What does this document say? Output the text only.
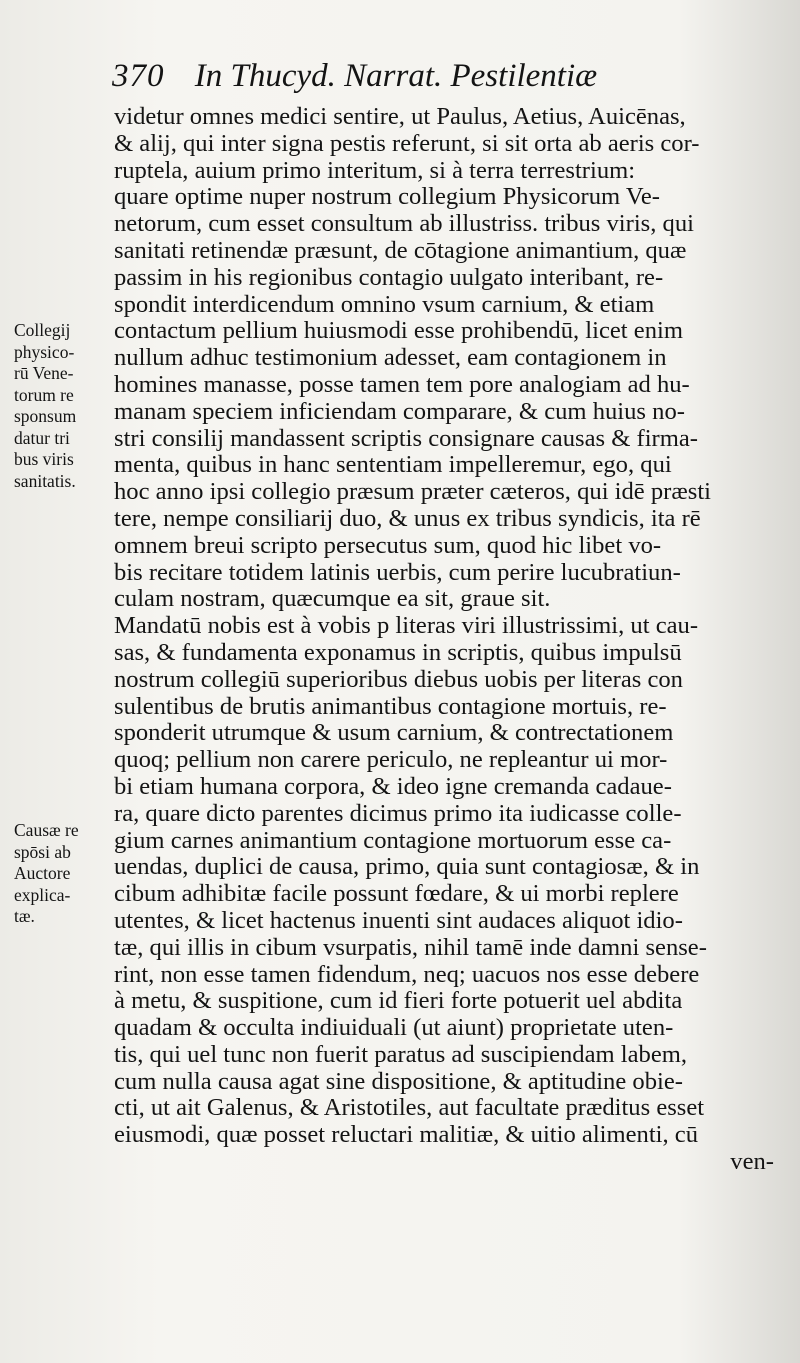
370 In Thucyd. Narrat. Pestilentiæ
Collegij
physico-
rū Vene-
torum re
sponsum
datur tri
bus viris
sanitatis.
Causæ re
spōsi ab
Auctore
explica-
tæ.
videtur omnes medici sentire, ut Paulus, Aetius, Auicēnas,
& alij, qui inter signa pestis referunt, si sit orta ab aeris cor-
ruptela, auium primo interitum, si à terra terrestrium:
quare optime nuper nostrum collegium Physicorum Ve-
netorum, cum esset consultum ab illustriss. tribus viris, qui
sanitati retinendæ præsunt, de cōtagione animantium, quæ
passim in his regionibus contagio uulgato interibant, re-
spondit interdicendum omnino vsum carnium, & etiam
contactum pellium huiusmodi esse prohibendū, licet enim
nullum adhuc testimonium adesset, eam contagionem in
homines manasse, posse tamen tem pore analogiam ad hu-
manam speciem inficiendam comparare, & cum huius no-
stri consilij mandassent scriptis consignare causas & firma-
menta, quibus in hanc sententiam impelleremur, ego, qui
hoc anno ipsi collegio præsum præter cæteros, qui idē præsti
tere, nempe consiliarij duo, & unus ex tribus syndicis, ita rē
omnem breui scripto persecutus sum, quod hic libet vo-
bis recitare totidem latinis uerbis, cum perire lucubratiun-
culam nostram, quæcumque ea sit, graue sit.
Mandatū nobis est à vobis p literas viri illustrissimi, ut cau-
sas, & fundamenta exponamus in scriptis, quibus impulsū
nostrum collegiū superioribus diebus uobis per literas con
sulentibus de brutis animantibus contagione mortuis, re-
sponderit utrumque & usum carnium, & contrectationem
quoq; pellium non carere periculo, ne repleantur ui mor-
bi etiam humana corpora, & ideo igne cremanda cadaue-
ra, quare dicto parentes dicimus primo ita iudicasse colle-
gium carnes animantium contagione mortuorum esse ca-
uendas, duplici de causa, primo, quia sunt contagiosæ, & in
cibum adhibitæ facile possunt fœdare, & ui morbi replere
utentes, & licet hactenus inuenti sint audaces aliquot idio-
tæ, qui illis in cibum vsurpatis, nihil tamē inde damni sense-
rint, non esse tamen fidendum, neq; uacuos nos esse debere
à metu, & suspitione, cum id fieri forte potuerit uel abdita
quadam & occulta indiuiduali (ut aiunt) proprietate uten-
tis, qui uel tunc non fuerit paratus ad suscipiendam labem,
cum nulla causa agat sine dispositione, & aptitudine obie-
cti, ut ait Galenus, & Aristotiles, aut facultate præditus esset
eiusmodi, quæ posset reluctari malitiæ, & uitio alimenti, cū
ven-
